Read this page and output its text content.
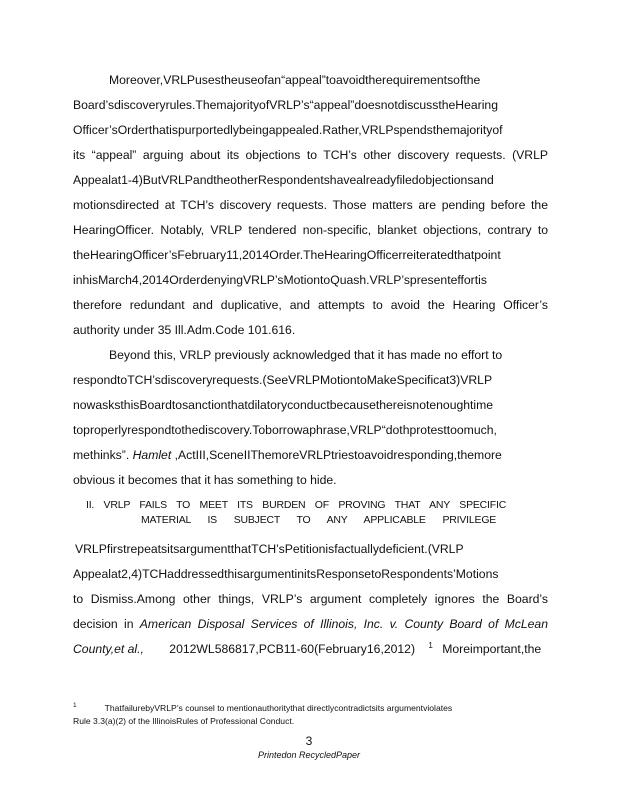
Moreover,VRLPusestheuseofan“appeal”toavoidtherequirementsofthe
Board’sdiscoveryrules.ThemajorityofVRLP’s“appeal”doesnotdiscusstheHearing
Officer’sOrderthatispurportedlybeingappealed.Rather,VRLPspendsthemajorityof
its “appeal” arguing about its objections to TCH’s other discovery requests. (VRLP
Appealat1-4)ButVRLPandtheotherRespondentshavealreadyfiledobjectionsand
motionsdirected at TCH’s discovery requests. Those matters are pending before the
HearingOfficer. Notably, VRLP tendered non-specific, blanket objections, contrary to
theHearingOfficer’sFebruary11,2014Order.TheHearingOfficerreiteratedthatpoint
inhisMarch4,2014OrderdenyingVRLP’sMotiontoQuash.VRLP’spresenteffortis
therefore redundant and duplicative, and attempts to avoid the Hearing Officer’s
authority under 35 Ill.Adm.Code 101.616.
Beyond this, VRLP previously acknowledged that it has made no effort to
respondtoTCH’sdiscoveryrequests.(SeeVRLPMotiontoMakeSpecificat3)VRLP
nowasksthisBoardtosanctionthatdilatoryconductbecausethereisnotenoughtime
toproperlyrespondtothediscovery.Toborrowaphrase,VRLP“dothprotesttoomuch,
methinks”. Hamlet ,ActIII,SceneIIThemoreVRLPtriestoavoidresponding,themore
obvious it becomes that it has something to hide.
II. VRLP FAILS TO MEET ITS BURDEN OF PROVING THAT ANY SPECIFIC
MATERIAL IS SUBJECT TO ANY APPLICABLE PRIVILEGE
VRLPfirstrepeatsitsargumentthatTCH’sPetitionisfactuallydeficient.(VRLP
Appealat2,4)TCHaddressedthisargumentinitsResponsetoRespondents’Motions
to Dismiss.Among other things, VRLP’s argument completely ignores the Board’s
decision in American Disposal Services of Illinois, Inc. v. County Board of McLean
County,et al., 2012WL586817,PCB11-60(February16,2012) $^1$ Moreimportant,the
$^1$	ThatfailurebyVRLP’s counsel to mentionauthoritythat directlycontradictsits argumentviolates
Rule 3.3(a)(2) of the IllinoisRules of Professional Conduct.
3
Printedon RecycledPaper
